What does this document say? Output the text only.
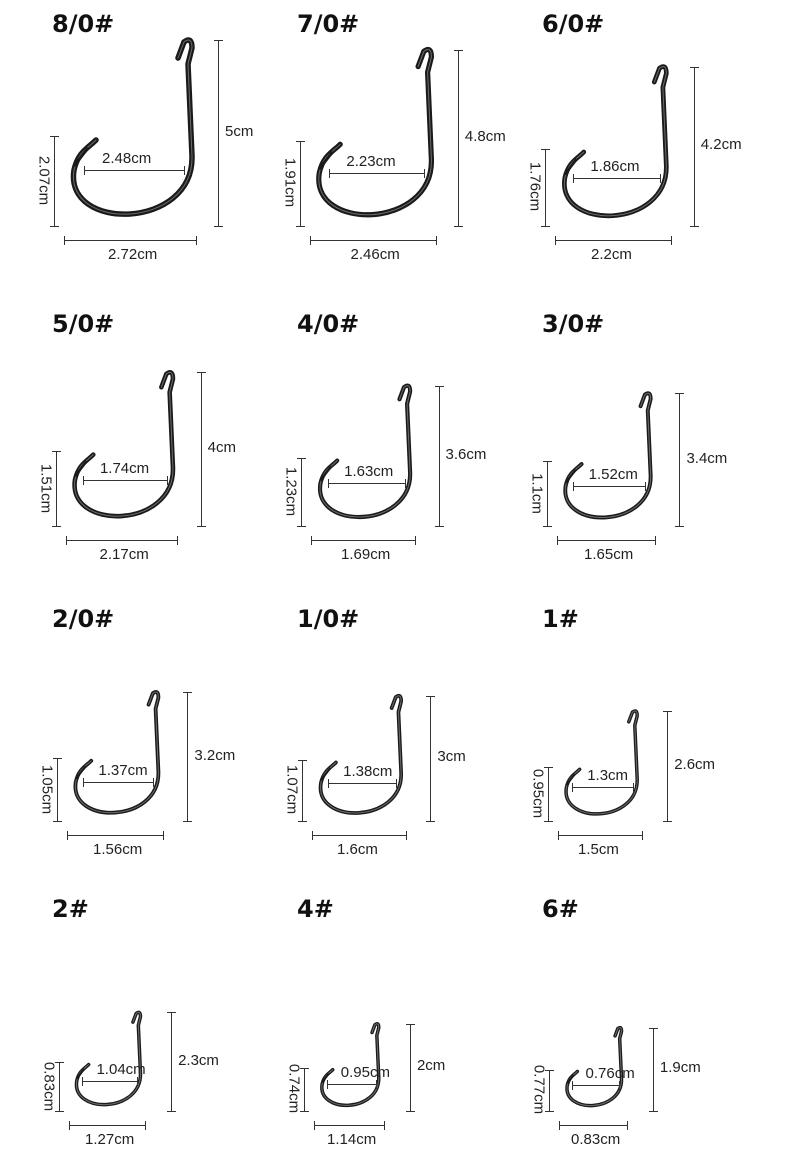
8/0#
5cm
2.48cm
2.72cm
2.07cm
7/0#
4.8cm
2.23cm
2.46cm
1.91cm
6/0#
4.2cm
1.86cm
2.2cm
1.76cm
5/0#
4cm
1.74cm
2.17cm
1.51cm
4/0#
3.6cm
1.63cm
1.69cm
1.23cm
3/0#
3.4cm
1.52cm
1.65cm
1.1cm
2/0#
3.2cm
1.37cm
1.56cm
1.05cm
1/0#
3cm
1.38cm
1.6cm
1.07cm
1#
2.6cm
1.3cm
1.5cm
0.95cm
2#
2.3cm
1.04cm
1.27cm
0.83cm
4#
2cm
0.95cm
1.14cm
0.74cm
6#
1.9cm
0.76cm
0.83cm
0.77cm
